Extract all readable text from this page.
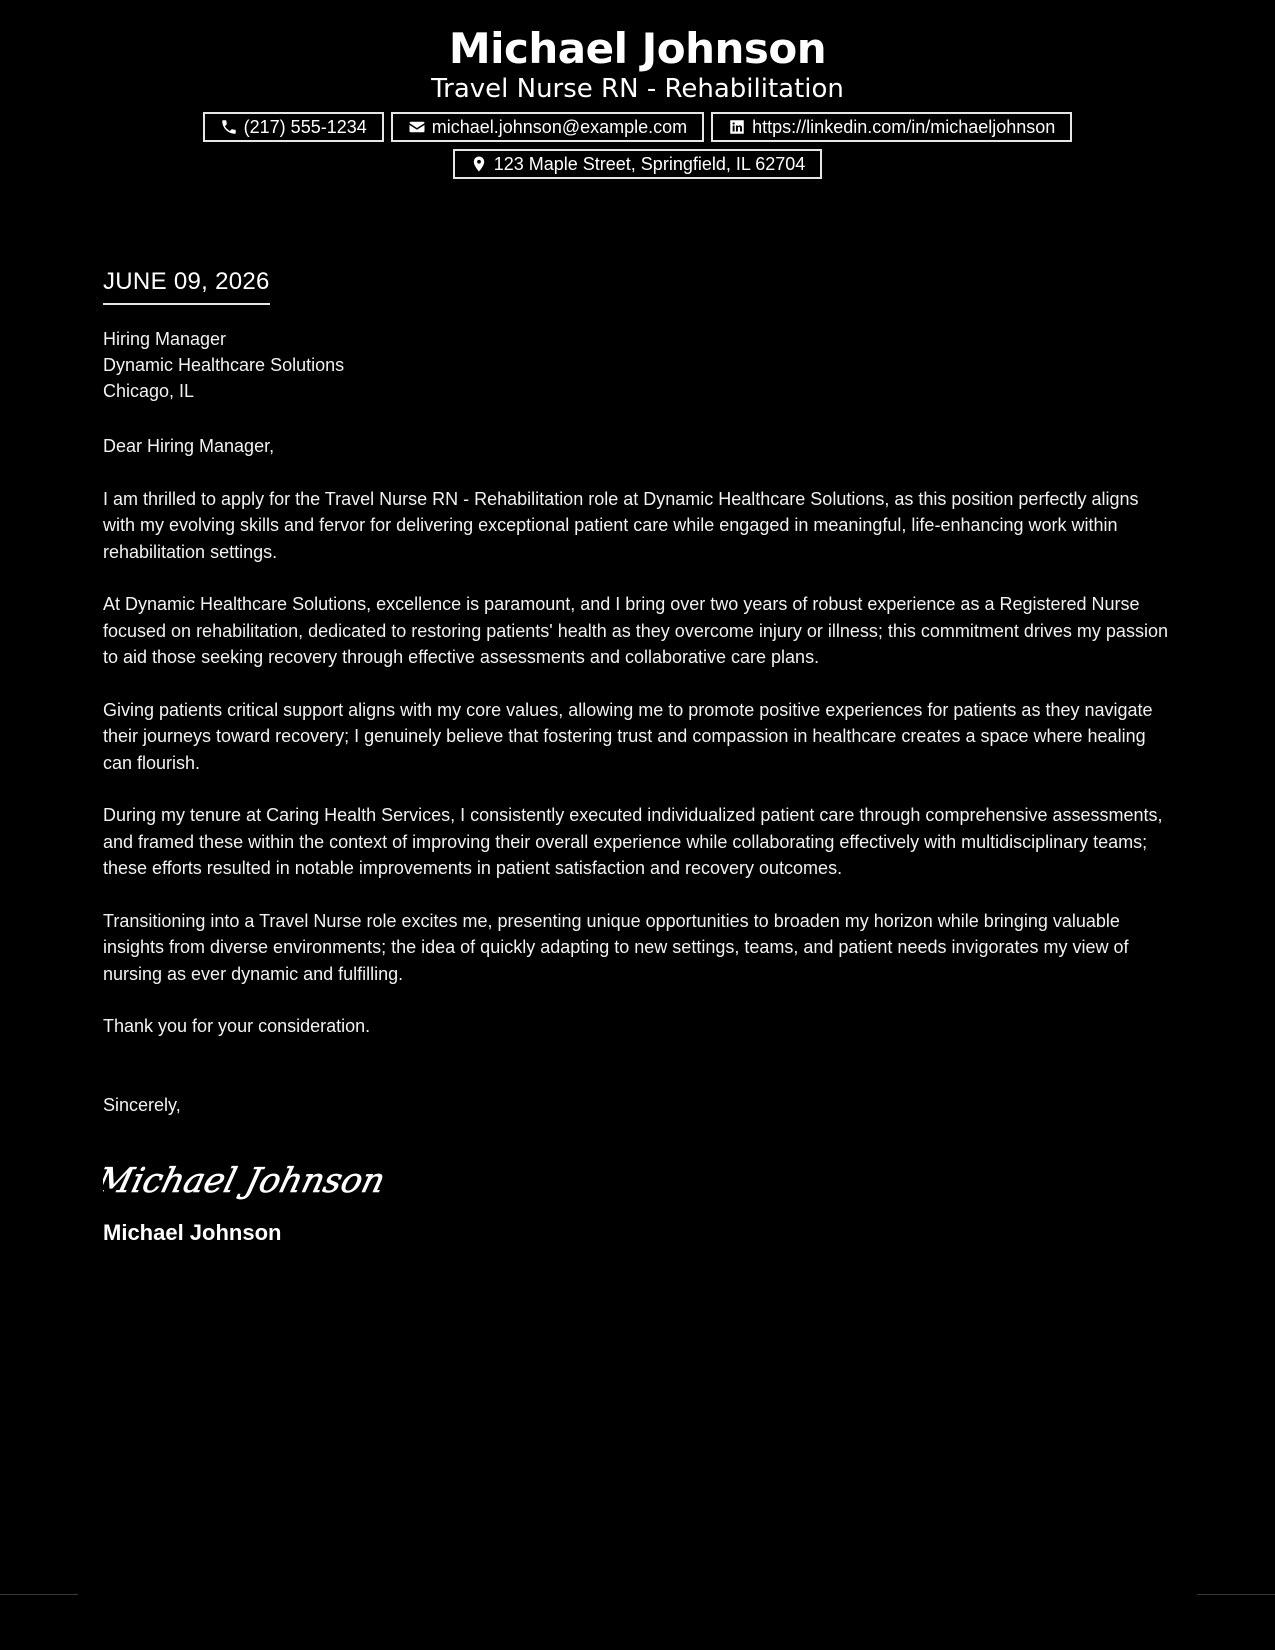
Michael Johnson
Travel Nurse RN - Rehabilitation
(217) 555-1234	michael.johnson@example.com	https://linkedin.com/in/michaeljohnson
123 Maple Street, Springfield, IL 62704
JUNE 09, 2026
Hiring Manager
Dynamic Healthcare Solutions
Chicago, IL
Dear Hiring Manager,

I am thrilled to apply for the Travel Nurse RN - Rehabilitation role at Dynamic Healthcare Solutions, as this position perfectly aligns with my evolving skills and fervor for delivering exceptional patient care while engaged in meaningful, life-enhancing work within rehabilitation settings.

At Dynamic Healthcare Solutions, excellence is paramount, and I bring over two years of robust experience as a Registered Nurse focused on rehabilitation, dedicated to restoring patients' health as they overcome injury or illness; this commitment drives my passion to aid those seeking recovery through effective assessments and collaborative care plans.

Giving patients critical support aligns with my core values, allowing me to promote positive experiences for patients as they navigate their journeys toward recovery; I genuinely believe that fostering trust and compassion in healthcare creates a space where healing can flourish.

During my tenure at Caring Health Services, I consistently executed individualized patient care through comprehensive assessments, and framed these within the context of improving their overall experience while collaborating effectively with multidisciplinary teams; these efforts resulted in notable improvements in patient satisfaction and recovery outcomes.

Transitioning into a Travel Nurse role excites me, presenting unique opportunities to broaden my horizon while bringing valuable insights from diverse environments; the idea of quickly adapting to new settings, teams, and patient needs invigorates my view of nursing as ever dynamic and fulfilling.

Thank you for your consideration.
Sincerely,
Michael Johnson
Michael Johnson
